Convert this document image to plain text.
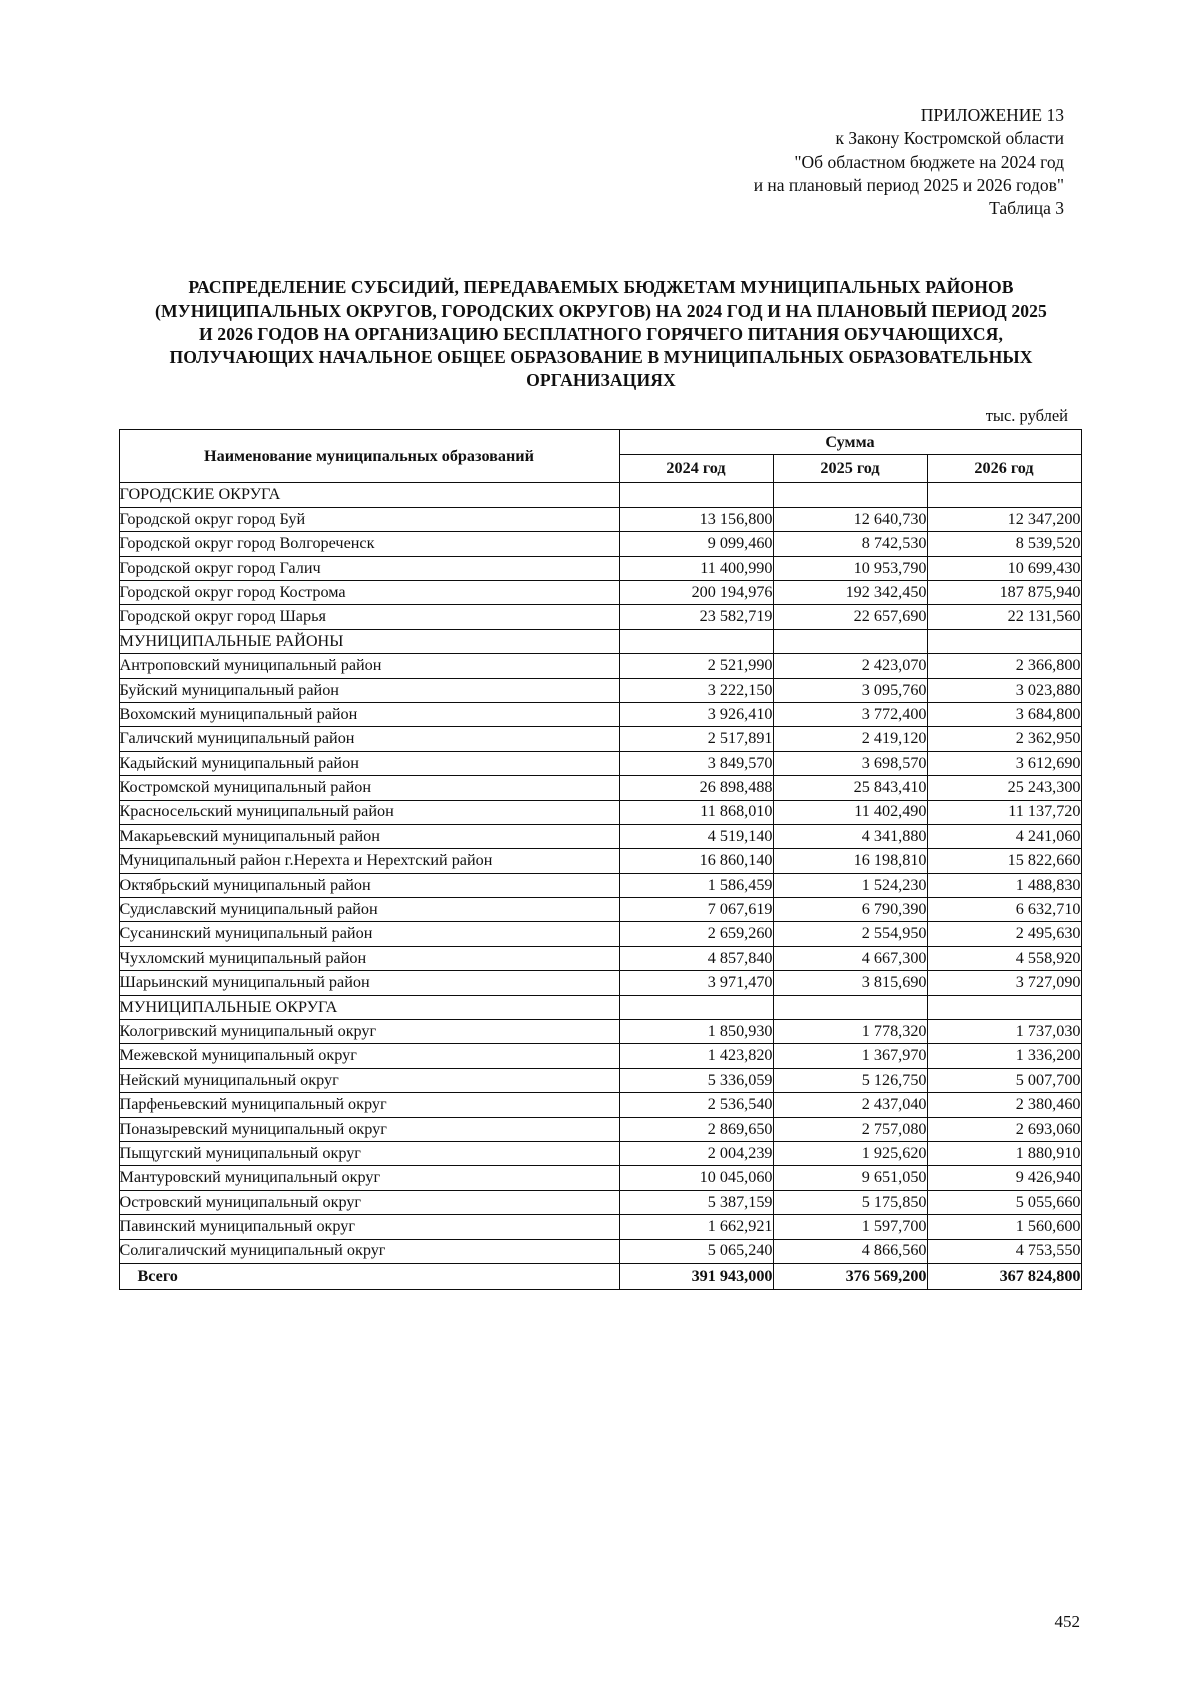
ПРИЛОЖЕНИЕ 13
к Закону Костромской области
"Об областном бюджете на 2024 год
и на плановый период 2025 и 2026 годов"
Таблица 3
РАСПРЕДЕЛЕНИЕ СУБСИДИЙ, ПЕРЕДАВАЕМЫХ БЮДЖЕТАМ МУНИЦИПАЛЬНЫХ РАЙОНОВ (МУНИЦИПАЛЬНЫХ ОКРУГОВ, ГОРОДСКИХ ОКРУГОВ) НА 2024 ГОД И НА ПЛАНОВЫЙ ПЕРИОД 2025 И 2026 ГОДОВ НА ОРГАНИЗАЦИЮ БЕСПЛАТНОГО ГОРЯЧЕГО ПИТАНИЯ ОБУЧАЮЩИХСЯ, ПОЛУЧАЮЩИХ НАЧАЛЬНОЕ ОБЩЕЕ ОБРАЗОВАНИЕ В МУНИЦИПАЛЬНЫХ ОБРАЗОВАТЕЛЬНЫХ ОРГАНИЗАЦИЯХ
тыс. рублей
Наименование муниципальных образований	Сумма		
	2024 год	2025 год	2026 год
ГОРОДСКИЕ ОКРУГА			
Городской округ город Буй	13 156,800	12 640,730	12 347,200
Городской округ город Волгореченск	9 099,460	8 742,530	8 539,520
Городской округ город Галич	11 400,990	10 953,790	10 699,430
Городской округ город Кострома	200 194,976	192 342,450	187 875,940
Городской округ город Шарья	23 582,719	22 657,690	22 131,560
МУНИЦИПАЛЬНЫЕ РАЙОНЫ			
Антроповский муниципальный район	2 521,990	2 423,070	2 366,800
Буйский муниципальный район	3 222,150	3 095,760	3 023,880
Вохомский муниципальный район	3 926,410	3 772,400	3 684,800
Галичский муниципальный район	2 517,891	2 419,120	2 362,950
Кадыйский муниципальный район	3 849,570	3 698,570	3 612,690
Костромской муниципальный район	26 898,488	25 843,410	25 243,300
Красносельский муниципальный район	11 868,010	11 402,490	11 137,720
Макарьевский муниципальный район	4 519,140	4 341,880	4 241,060
Муниципальный район г.Нерехта и Нерехтский район	16 860,140	16 198,810	15 822,660
Октябрьский муниципальный район	1 586,459	1 524,230	1 488,830
Судиславский муниципальный район	7 067,619	6 790,390	6 632,710
Сусанинский муниципальный район	2 659,260	2 554,950	2 495,630
Чухломский муниципальный район	4 857,840	4 667,300	4 558,920
Шарьинский муниципальный район	3 971,470	3 815,690	3 727,090
МУНИЦИПАЛЬНЫЕ ОКРУГА			
Кологривский муниципальный округ	1 850,930	1 778,320	1 737,030
Межевской муниципальный округ	1 423,820	1 367,970	1 336,200
Нейский муниципальный округ	5 336,059	5 126,750	5 007,700
Парфеньевский муниципальный округ	2 536,540	2 437,040	2 380,460
Поназыревский муниципальный округ	2 869,650	2 757,080	2 693,060
Пыщугский муниципальный округ	2 004,239	1 925,620	1 880,910
Мантуровский муниципальный округ	10 045,060	9 651,050	9 426,940
Островский муниципальный округ	5 387,159	5 175,850	5 055,660
Павинский муниципальный округ	1 662,921	1 597,700	1 560,600
Солигаличский муниципальный округ	5 065,240	4 866,560	4 753,550
Всего	391 943,000	376 569,200	367 824,800
452
